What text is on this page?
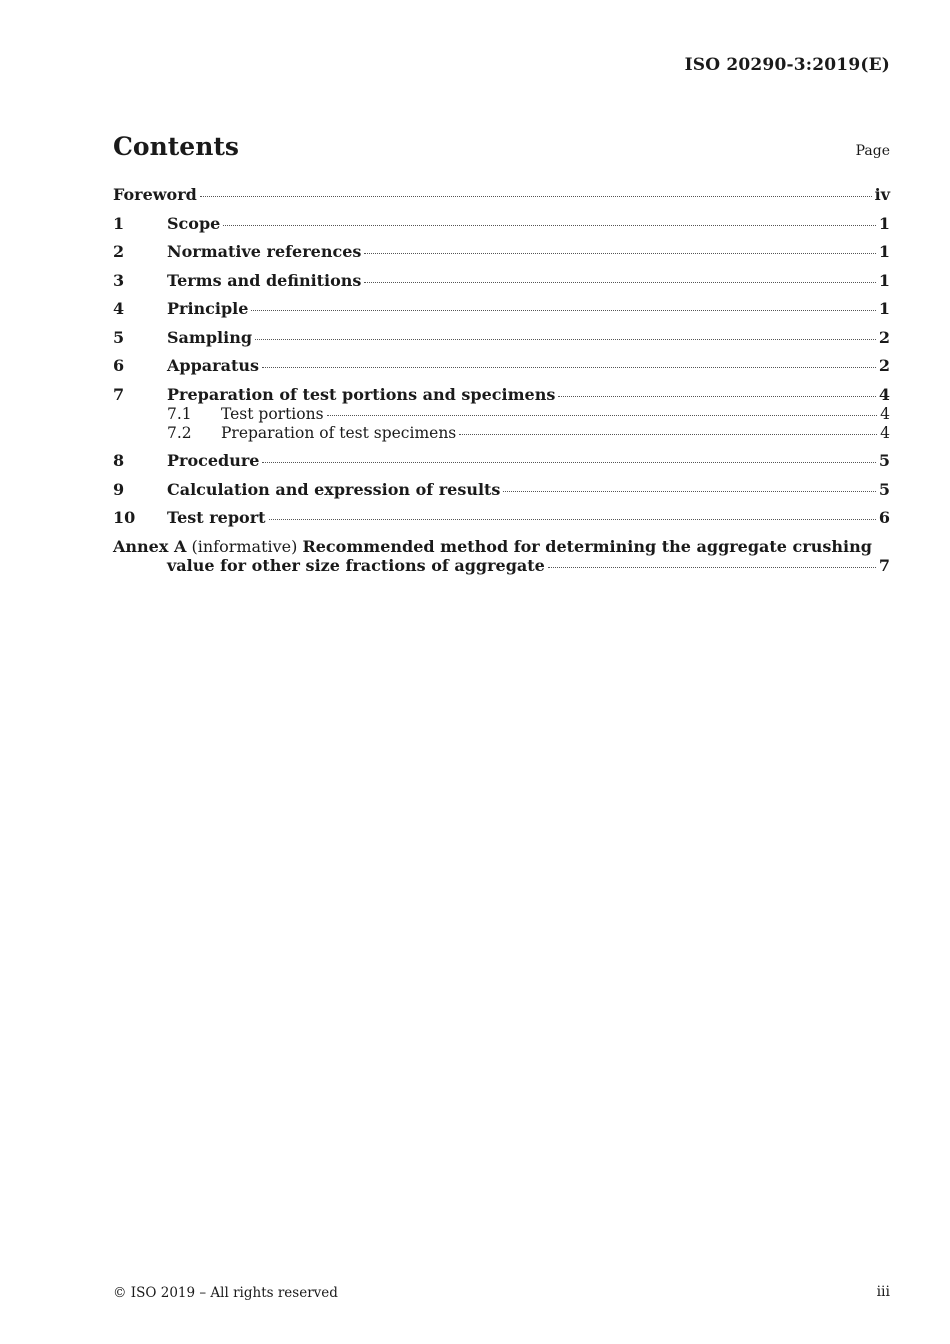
ISO 20290-3:2019(E)
Contents	Page
Foreword	iv
1	Scope	1
2	Normative references	1
3	Terms and definitions	1
4	Principle	1
5	Sampling	2
6	Apparatus	2
7	Preparation of test portions and specimens	4
7.1	Test portions	4
7.2	Preparation of test specimens	4
8	Procedure	5
9	Calculation and expression of results	5
10	Test report	6
Annex A (informative) Recommended method for determining the aggregate crushing
value for other size fractions of aggregate	7
© ISO 2019 – All rights reserved	iii
